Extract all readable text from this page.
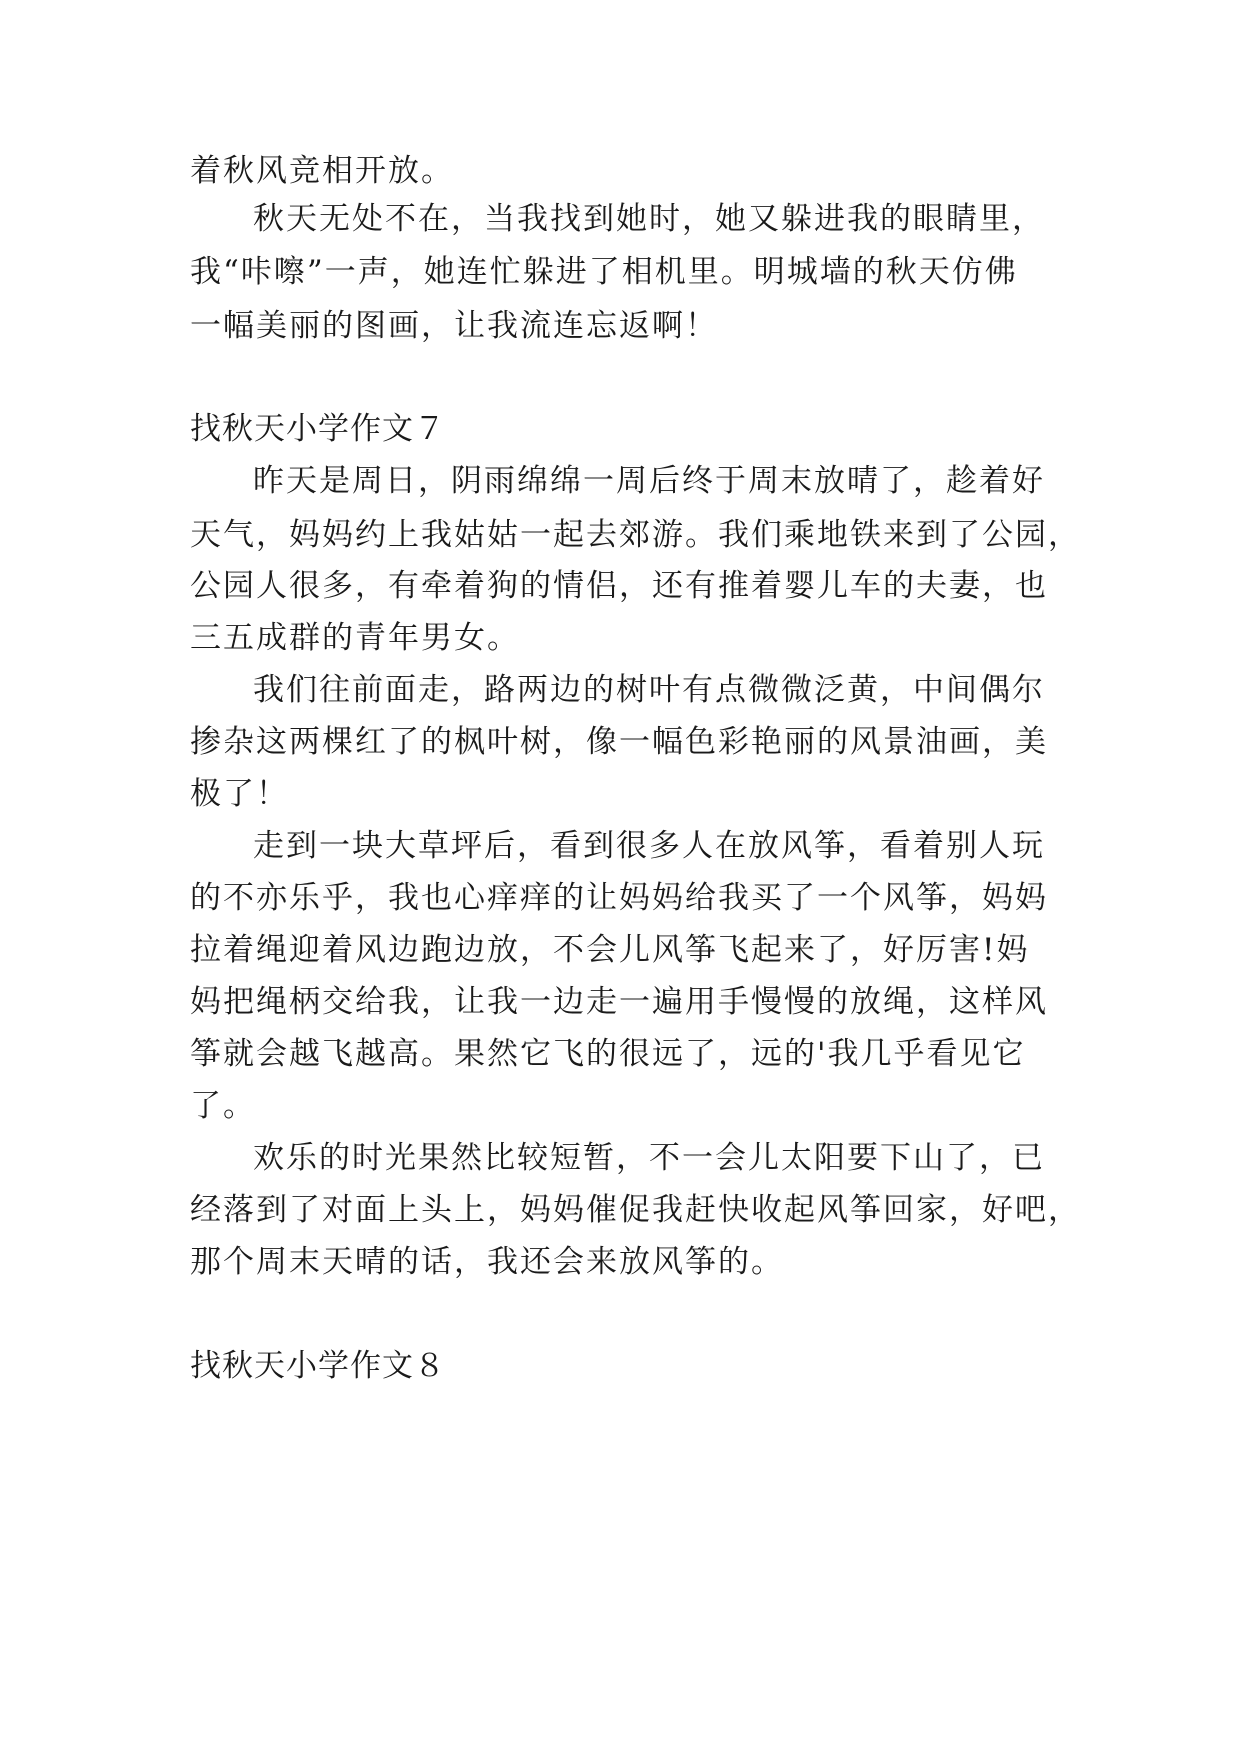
着秋风竞相开放。
秋天无处不在，当我找到她时，她又躲进我的眼睛里，
我“咔嚓”一声，她连忙躲进了相机里。明城墙的秋天仿佛
一幅美丽的图画，让我流连忘返啊！
找秋天小学作文７
昨天是周日，阴雨绵绵一周后终于周末放晴了，趁着好
天气，妈妈约上我姑姑一起去郊游。我们乘地铁来到了公园，
公园人很多，有牵着狗的情侣，还有推着婴儿车的夫妻，也
三五成群的青年男女。
我们往前面走，路两边的树叶有点微微泛黄，中间偶尔
掺杂这两棵红了的枫叶树，像一幅色彩艳丽的风景油画，美
极了！
走到一块大草坪后，看到很多人在放风筝，看着别人玩
的不亦乐乎，我也心痒痒的让妈妈给我买了一个风筝，妈妈
拉着绳迎着风边跑边放，不会儿风筝飞起来了，好厉害!妈
妈把绳柄交给我，让我一边走一遍用手慢慢的放绳，这样风
筝就会越飞越高。果然它飞的很远了，远的'我几乎看见它
了。
欢乐的时光果然比较短暂，不一会儿太阳要下山了，已
经落到了对面上头上，妈妈催促我赶快收起风筝回家，好吧，
那个周末天晴的话，我还会来放风筝的。
找秋天小学作文８
